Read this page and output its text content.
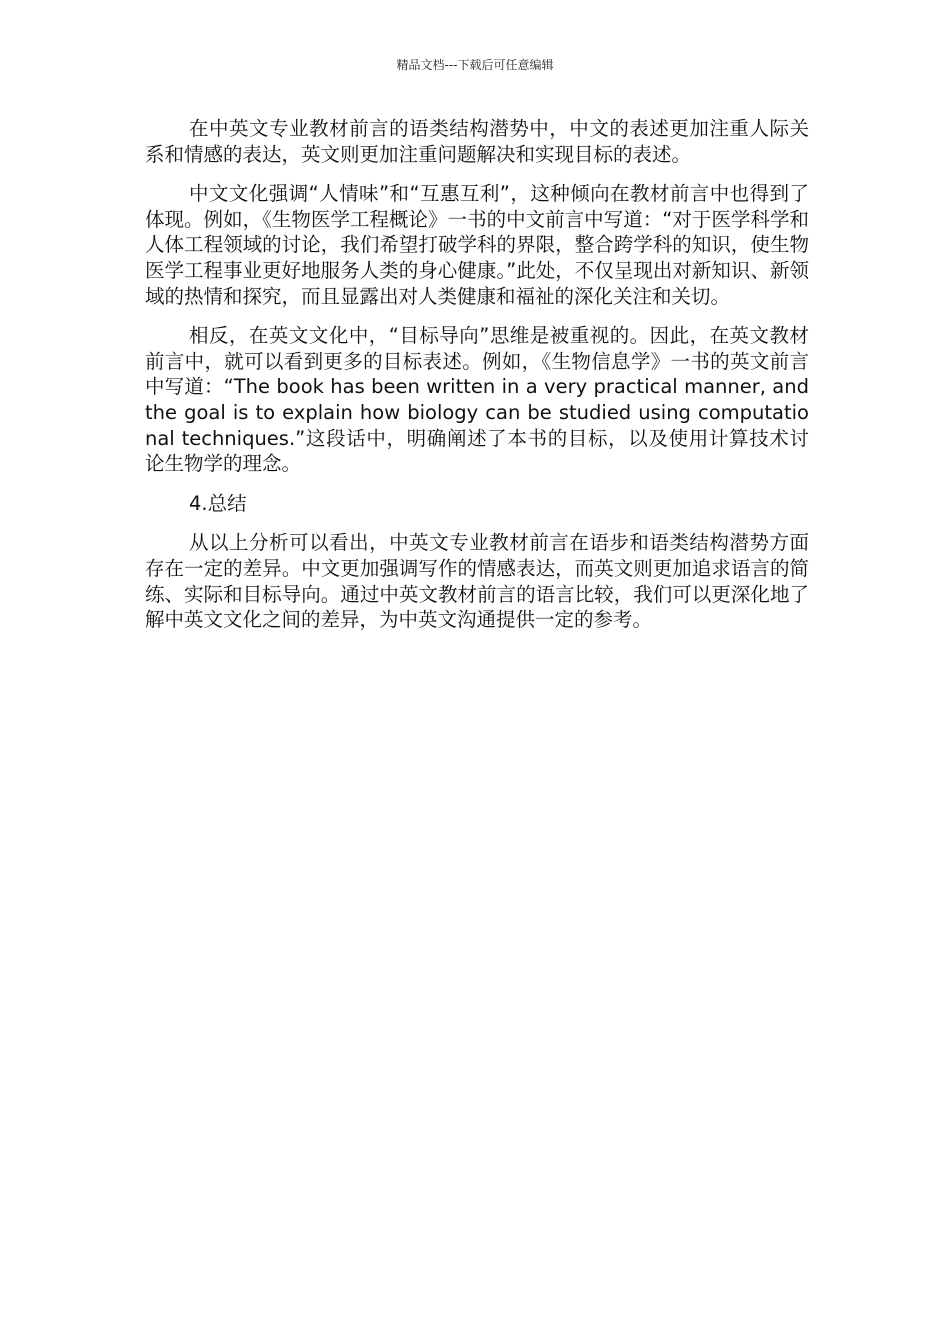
精品文档---下载后可任意编辑

在中英文专业教材前言的语类结构潜势中，中文的表述更加注重人际关系和情感的表达，英文则更加注重问题解决和实现目标的表述。

中文文化强调“人情味”和“互惠互利”，这种倾向在教材前言中也得到了体现。例如，《生物医学工程概论》一书的中文前言中写道：“对于医学科学和人体工程领域的讨论，我们希望打破学科的界限，整合跨学科的知识，使生物医学工程事业更好地服务人类的身心健康。”此处，不仅呈现出对新知识、新领域的热情和探究，而且显露出对人类健康和福祉的深化关注和关切。

相反，在英文文化中，“目标导向”思维是被重视的。因此，在英文教材前言中，就可以看到更多的目标表述。例如，《生物信息学》一书的英文前言中写道：“The book has been written in a very practical manner, and the goal is to explain how biology can be studied using computational techniques.”这段话中，明确阐述了本书的目标，以及使用计算技术讨论生物学的理念。

4.总结

从以上分析可以看出，中英文专业教材前言在语步和语类结构潜势方面存在一定的差异。中文更加强调写作的情感表达，而英文则更加追求语言的简练、实际和目标导向。通过中英文教材前言的语言比较，我们可以更深化地了解中英文文化之间的差异，为中英文沟通提供一定的参考。
